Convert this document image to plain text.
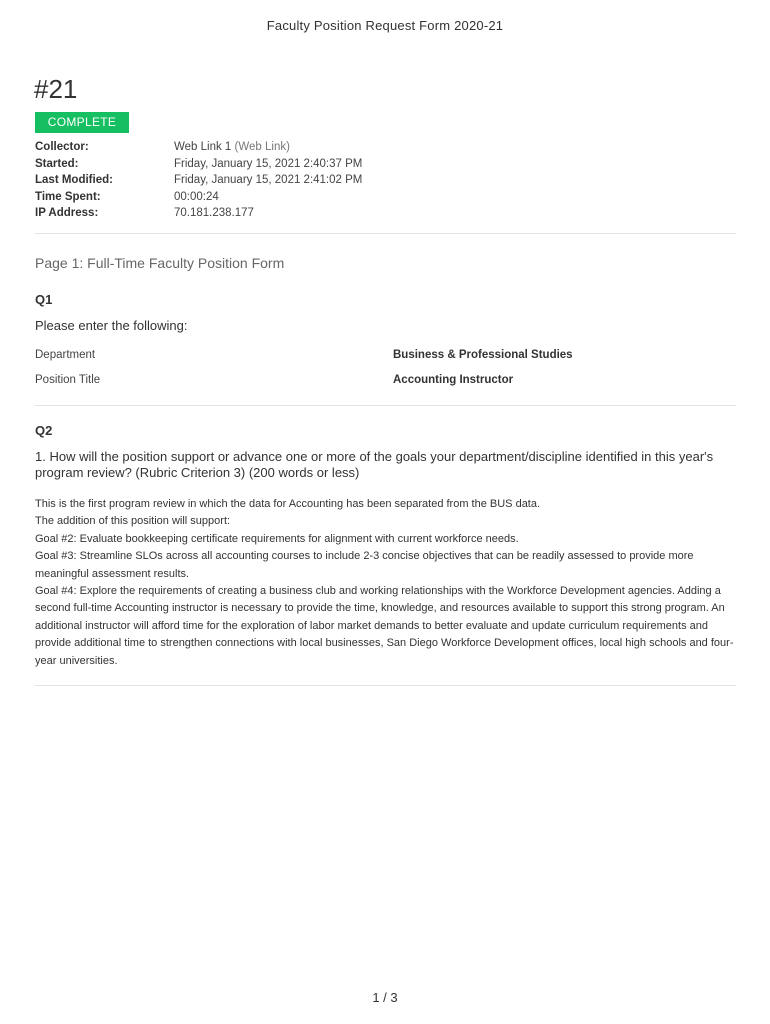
Faculty Position Request Form 2020-21
#21
COMPLETE
Collector:	Web Link 1 (Web Link)
Started:	Friday, January 15, 2021 2:40:37 PM
Last Modified:	Friday, January 15, 2021 2:41:02 PM
Time Spent:	00:00:24
IP Address:	70.181.238.177
Page 1: Full-Time Faculty Position Form
Q1
Please enter the following:
Department	Business & Professional Studies
Position Title	Accounting Instructor
Q2
1. How will the position support or advance one or more of the goals your department/discipline identified in this year's program review? (Rubric Criterion 3) (200 words or less)

This is the first program review in which the data for Accounting has been separated from the BUS data.

The addition of this position will support:

Goal #2: Evaluate bookkeeping certificate requirements for alignment with current workforce needs.

Goal #3: Streamline SLOs across all accounting courses to include 2-3 concise objectives that can be readily assessed to provide more meaningful assessment results.

Goal #4: Explore the requirements of creating a business club and working relationships with the Workforce Development agencies. Adding a second full-time Accounting instructor is necessary to provide the time, knowledge, and resources available to support this strong program. An additional instructor will afford time for the exploration of labor market demands to better evaluate and update curriculum requirements and provide additional time to strengthen connections with local businesses, San Diego Workforce Development offices, local high schools and four-year universities.

1 / 3
